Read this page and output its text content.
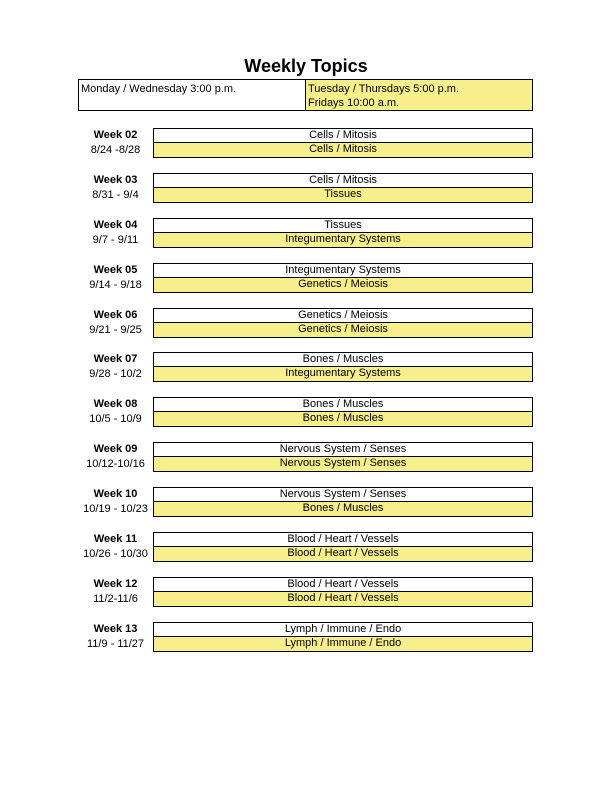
Weekly Topics
Monday / Wednesday 3:00 p.m.	Tuesday / Thursdays 5:00 p.m.
Fridays 10:00 a.m.
Week 02
8/24 -8/28
Cells / Mitosis
Cells / Mitosis
Week 03
8/31 - 9/4
Cells / Mitosis
Tissues
Week 04
9/7 - 9/11
Tissues
Integumentary Systems
Week 05
9/14 - 9/18
Integumentary Systems
Genetics / Meiosis
Week 06
9/21 - 9/25
Genetics / Meiosis
Genetics / Meiosis
Week 07
9/28 - 10/2
Bones / Muscles
Integumentary Systems
Week 08
10/5 - 10/9
Bones / Muscles
Bones / Muscles
Week 09
10/12-10/16
Nervous System / Senses
Nervous System / Senses
Week 10
10/19 - 10/23
Nervous System / Senses
Bones / Muscles
Week 11
10/26 - 10/30
Blood / Heart / Vessels
Blood / Heart / Vessels
Week 12
11/2-11/6
Blood / Heart / Vessels
Blood / Heart / Vessels
Week 13
11/9 - 11/27
Lymph / Immune / Endo
Lymph / Immune / Endo
